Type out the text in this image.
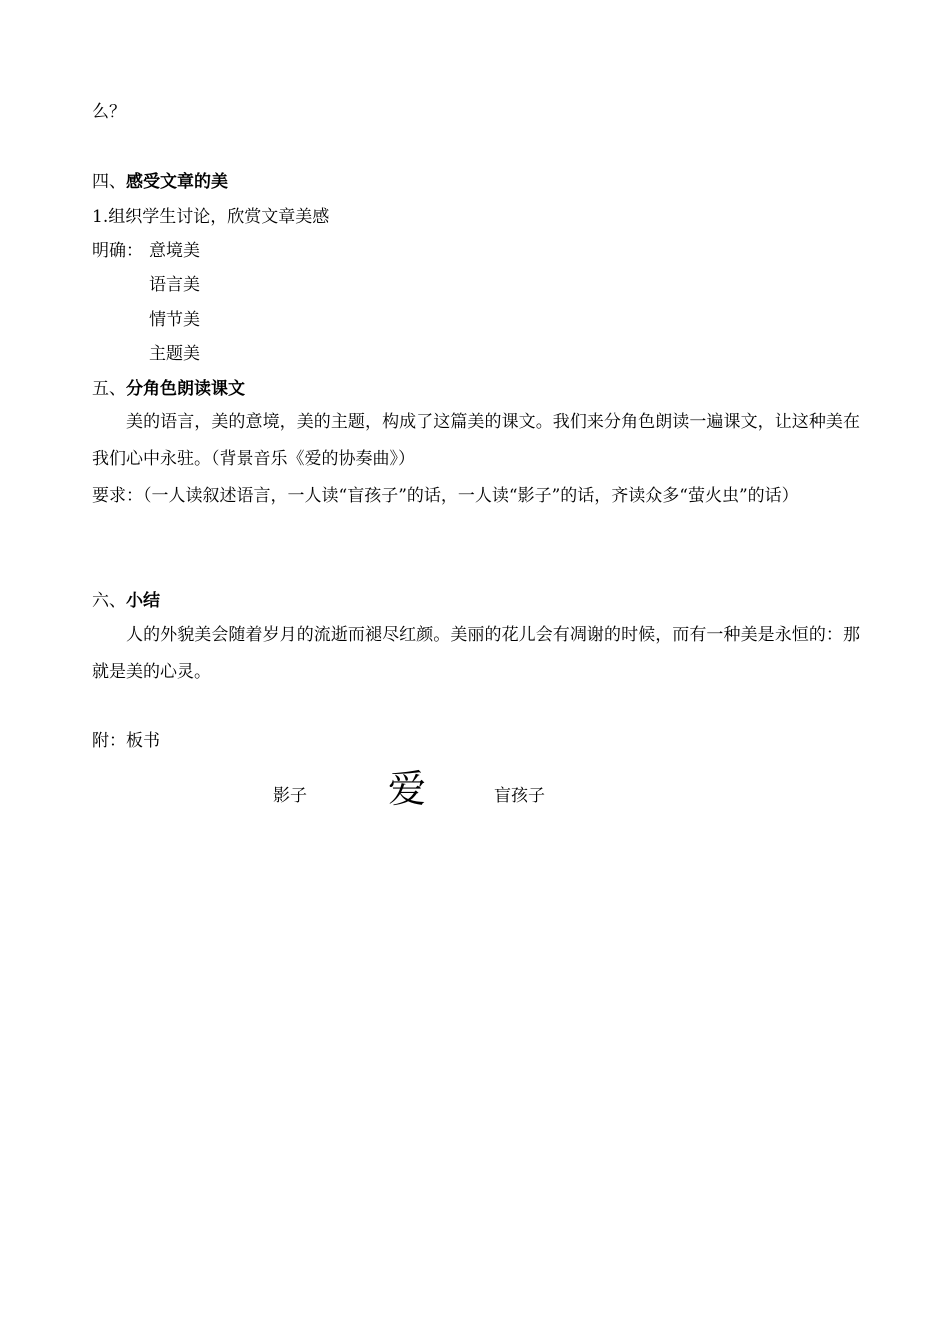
么？
四、感受文章的美
1.组织学生讨论，欣赏文章美感
明确： 意境美
语言美
情节美
主题美
五、分角色朗读课文
美的语言，美的意境，美的主题，构成了这篇美的课文。我们来分角色朗读一遍课文，让这种美在我们心中永驻。（背景音乐《爱的协奏曲》）
要求：（一人读叙述语言，一人读“盲孩子”的话，一人读“影子”的话，齐读众多“萤火虫”的话）
六、小结
人的外貌美会随着岁月的流逝而褪尽红颜。美丽的花儿会有凋谢的时候，而有一种美是永恒的：那就是美的心灵。
附：板书
影子 爱	盲孩子
